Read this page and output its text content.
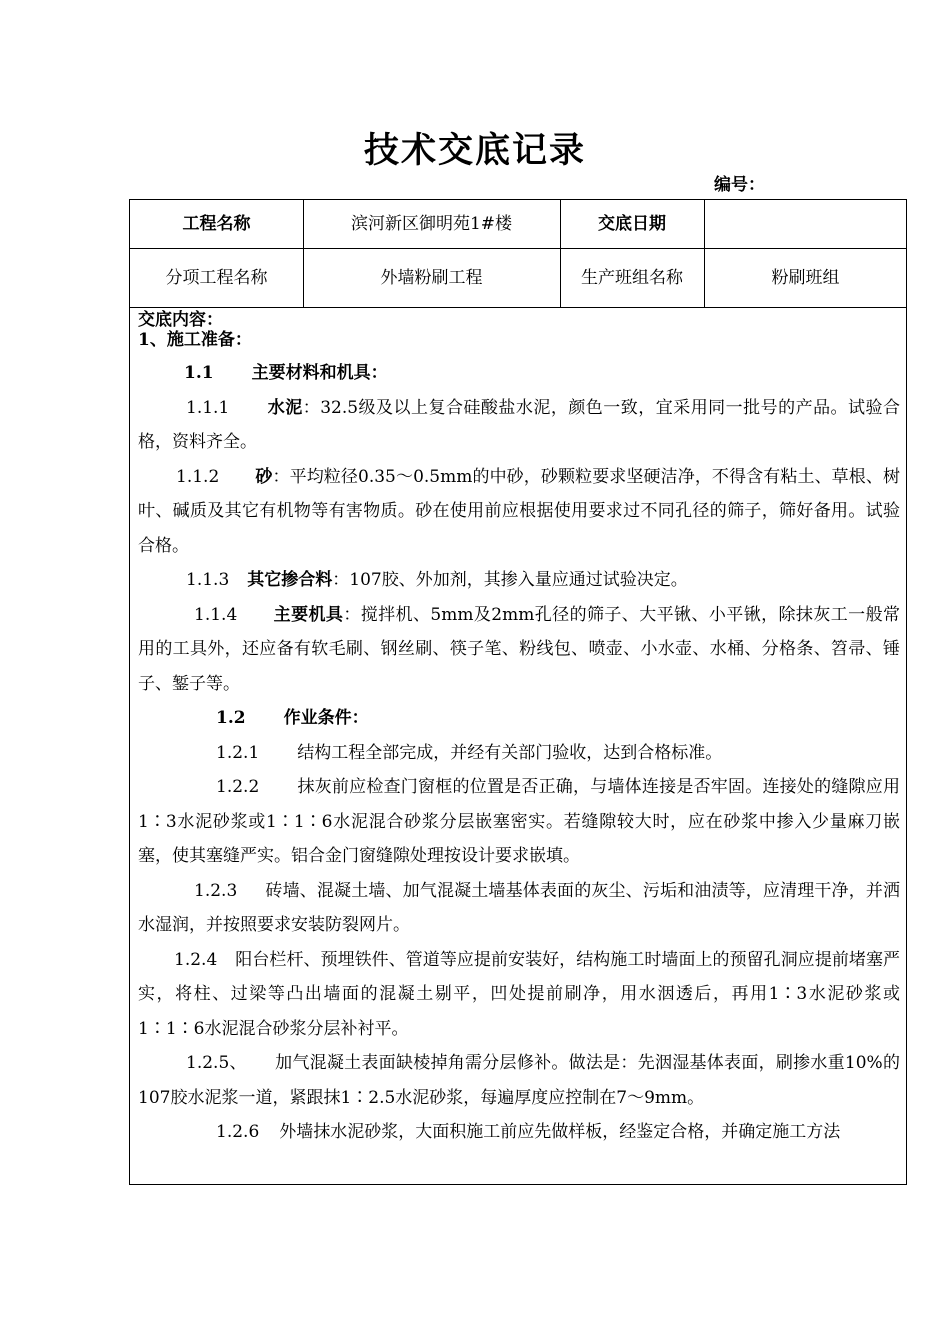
技术交底记录
编号：
工程名称	滨河新区御明苑1#楼	交底日期
分项工程名称	外墙粉刷工程	生产班组名称	粉刷班组
交底内容：
1、施工准备：

1.1 主要材料和机具：

1.1.1 水泥：32.5级及以上复合硅酸盐水泥，颜色一致，宜采用同一批号的产品。试验合格，资料齐全。

1.1.2 砂：平均粒径0.35～0.5mm的中砂，砂颗粒要求坚硬洁净，不得含有粘土、草根、树叶、碱质及其它有机物等有害物质。砂在使用前应根据使用要求过不同孔径的筛子，筛好备用。试验合格。

1.1.3 其它掺合料：107胶、外加剂，其掺入量应通过试验决定。

1.1.4 主要机具：搅拌机、5mm及2mm孔径的筛子、大平锹、小平锹，除抹灰工一般常用的工具外，还应备有软毛刷、钢丝刷、筷子笔、粉线包、喷壶、小水壶、水桶、分格条、笤帚、锤子、錾子等。

1.2 作业条件：

1.2.1 结构工程全部完成，并经有关部门验收，达到合格标准。

1.2.2 抹灰前应检查门窗框的位置是否正确，与墙体连接是否牢固。连接处的缝隙应用1∶3水泥砂浆或1∶1∶6水泥混合砂浆分层嵌塞密实。若缝隙较大时，应在砂浆中掺入少量麻刀嵌塞，使其塞缝严实。铝合金门窗缝隙处理按设计要求嵌填。

1.2.3 砖墙、混凝土墙、加气混凝土墙基体表面的灰尘、污垢和油渍等，应清理干净，并洒水湿润，并按照要求安装防裂网片。

1.2.4 阳台栏杆、预埋铁件、管道等应提前安装好，结构施工时墙面上的预留孔洞应提前堵塞严实，将柱、过梁等凸出墙面的混凝土剔平，凹处提前刷净，用水洇透后，再用1∶3水泥砂浆或1∶1∶6水泥混合砂浆分层补衬平。

1.2.5、 加气混凝土表面缺棱掉角需分层修补。做法是：先洇湿基体表面，刷掺水重10%的107胶水泥浆一道，紧跟抹1∶2.5水泥砂浆，每遍厚度应控制在7～9mm。

1.2.6 外墙抹水泥砂浆，大面积施工前应先做样板，经鉴定合格，并确定施工方法
